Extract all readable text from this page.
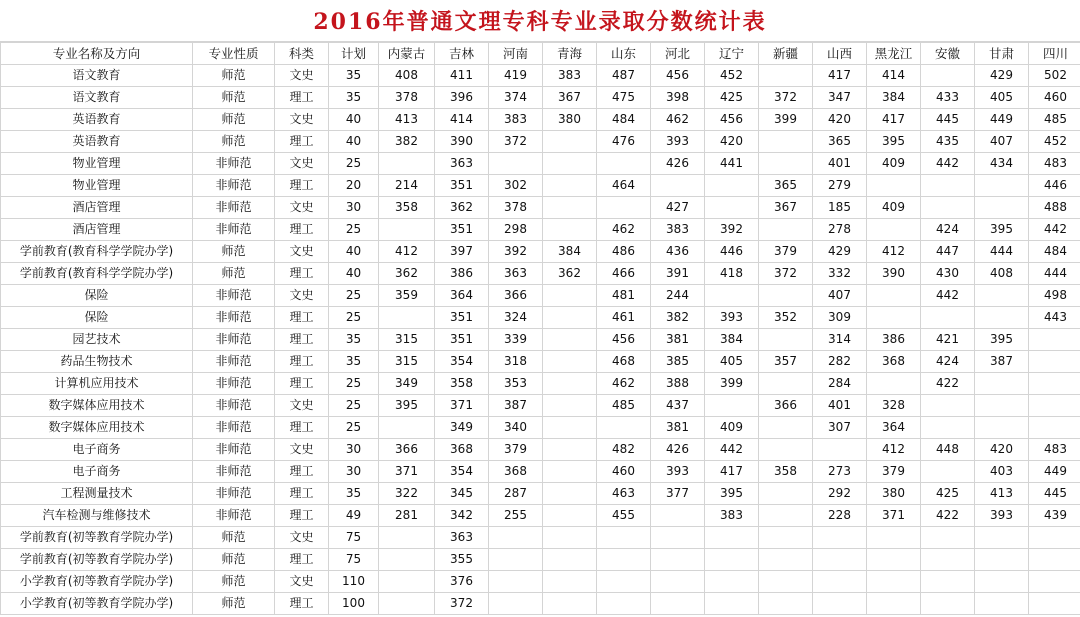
2016年普通文理专科专业录取分数统计表
专业名称及方向	专业性质	科类	计划	内蒙古	吉林	河南	青海	山东	河北	辽宁	新疆	山西	黑龙江	安徽	甘肃	四川
语文教育	师范	文史	35	408	411	419	383	487	456	452		417	414		429	502
语文教育	师范	理工	35	378	396	374	367	475	398	425	372	347	384	433	405	460
英语教育	师范	文史	40	413	414	383	380	484	462	456	399	420	417	445	449	485
英语教育	师范	理工	40	382	390	372		476	393	420		365	395	435	407	452
物业管理	非师范	文史	25		363				426	441		401	409	442	434	483
物业管理	非师范	理工	20	214	351	302		464			365	279				446
酒店管理	非师范	文史	30	358	362	378			427		367	185	409			488
酒店管理	非师范	理工	25		351	298		462	383	392		278		424	395	442
学前教育(教育科学学院办学)	师范	文史	40	412	397	392	384	486	436	446	379	429	412	447	444	484
学前教育(教育科学学院办学)	师范	理工	40	362	386	363	362	466	391	418	372	332	390	430	408	444
保险	非师范	文史	25	359	364	366		481	244			407		442		498
保险	非师范	理工	25		351	324		461	382	393	352	309				443
园艺技术	非师范	理工	35	315	351	339		456	381	384		314	386	421	395	
药品生物技术	非师范	理工	35	315	354	318		468	385	405	357	282	368	424	387	
计算机应用技术	非师范	理工	25	349	358	353		462	388	399		284		422		
数字媒体应用技术	非师范	文史	25	395	371	387		485	437		366	401	328			
数字媒体应用技术	非师范	理工	25		349	340			381	409		307	364			
电子商务	非师范	文史	30	366	368	379		482	426	442			412	448	420	483
电子商务	非师范	理工	30	371	354	368		460	393	417	358	273	379		403	449
工程测量技术	非师范	理工	35	322	345	287		463	377	395		292	380	425	413	445
汽车检测与维修技术	非师范	理工	49	281	342	255		455		383		228	371	422	393	439
学前教育(初等教育学院办学)	师范	文史	75		363											
学前教育(初等教育学院办学)	师范	理工	75		355											
小学教育(初等教育学院办学)	师范	文史	110		376											
小学教育(初等教育学院办学)	师范	理工	100		372											
